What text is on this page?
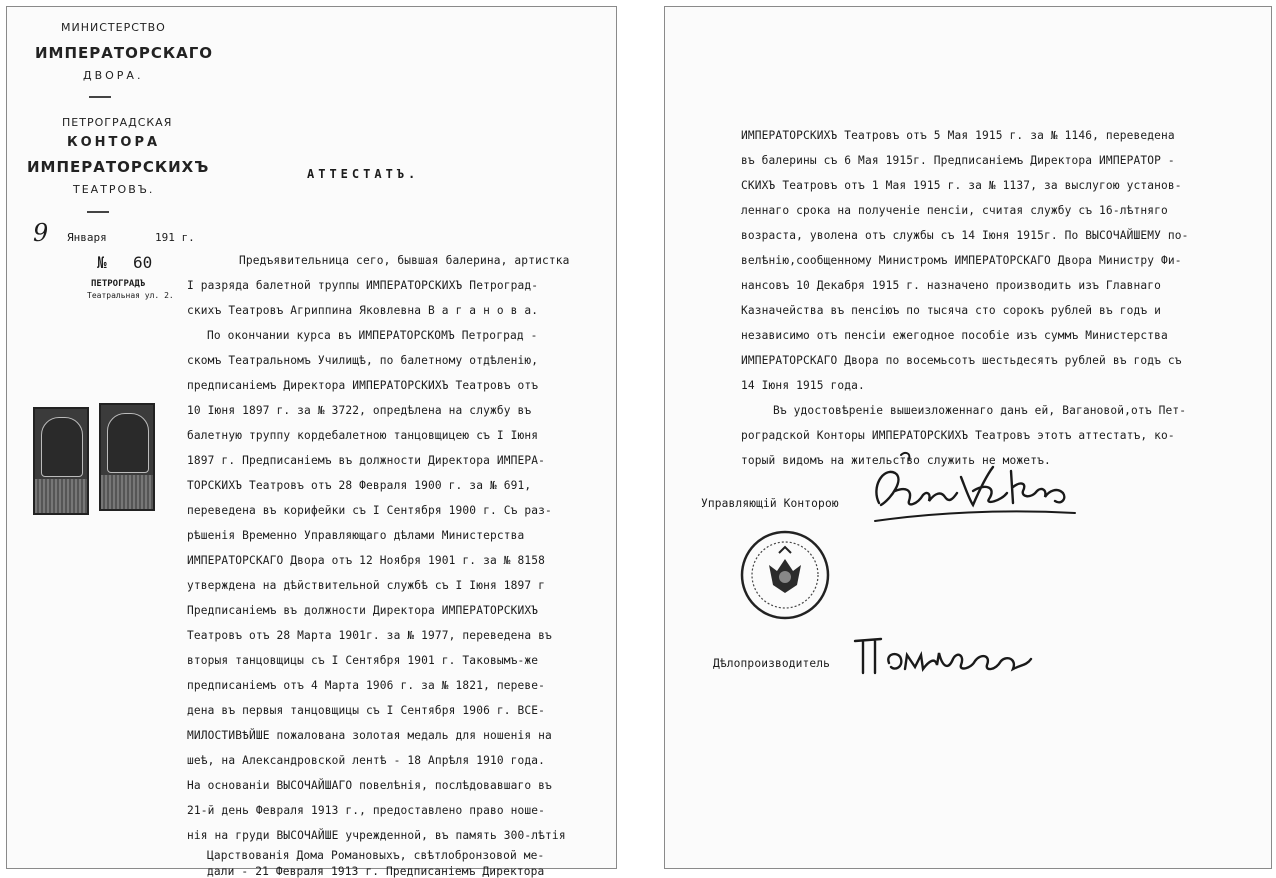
МИНИСТЕРСТВО
ИМПЕРАТОРСКАГО
ДВОРА.
ПЕТРОГРАДСКАЯ
КОНТОРА
ИМПЕРАТОРСКИХЪ
ТЕАТРОВЪ.
АТТЕСТАТЪ.
9 Января	191 г.
№ 60
ПЕТРОГРАДЪ
Театральная ул. 2.
Предъявительница сего, бывшая балерина, артистка
I разряда балетной труппы ИМПЕРАТОРСКИХЪ Петроград-
скихъ Театровъ Агриппина Яковлевна В а г а н о в а.
По окончании курса въ ИМПЕРАТОРСКОМЪ Петроград -
скомъ Театральномъ Училищѣ, по балетному отдѣленію,
предписаніемъ Директора ИМПЕРАТОРСКИХЪ Театровъ отъ
10 Іюня 1897 г. за № 3722, опредѣлена на службу въ
балетную труппу кордебалетною танцовщицею съ I Іюня
1897 г. Предписаніемъ въ должности Директора ИМПЕРА-
ТОРСКИХЪ Театровъ отъ 28 Февраля 1900 г. за № 691,
переведена въ корифейки съ I Сентября 1900 г. Съ раз-
рѣшенія Временно Управляющаго дѣлами Министерства
ИМПЕРАТОРСКАГО Двора отъ 12 Ноября 1901 г. за № 8158
утверждена на дѣйствительной службѣ съ I Іюня 1897 г
Предписаніемъ въ должности Директора ИМПЕРАТОРСКИХЪ
Театровъ отъ 28 Марта 1901г. за № 1977, переведена въ
вторыя танцовщицы съ I Сентября 1901 г. Таковымъ-же
предписаніемъ отъ 4 Марта 1906 г. за № 1821, переве-
дена въ первыя танцовщицы съ I Сентября 1906 г. ВСЕ-
МИЛОСТИВѢЙШЕ пожалована золотая медаль для ношенія на
шеѣ, на Александровской лентѣ - 18 Апрѣля 1910 года.
На основаніи ВЫСОЧАЙШАГО повелѣнія, послѣдовавшаго въ
21-й день Февраля 1913 г., предоставлено право ноше-
нія на груди ВЫСОЧАЙШЕ учрежденной, въ память 300-лѣтія
Царствованія Дома Романовыхъ, свѣтлобронзовой ме-
дали - 21 Февраля 1913 г. Предписаніемъ Директора
ИМПЕРАТОРСКИХЪ Театровъ отъ 5 Мая 1915 г. за № 1146, переведена
въ балерины съ 6 Мая 1915г. Предписаніемъ Директора ИМПЕРАТОР -
СКИХЪ Театровъ отъ 1 Мая 1915 г. за № 1137, за выслугою установ-
леннаго срока на полученіе пенсіи, считая службу съ 16-лѣтняго
возраста, уволена отъ службы съ 14 Іюня 1915г. По ВЫСОЧАЙШЕМУ по-
велѣнію,сообщенному Министромъ ИМПЕРАТОРСКАГО Двора Министру Фи-
нансовъ 10 Декабря 1915 г. назначено производить изъ Главнаго
Казначейства въ пенсіюъ по тысяча сто сорокъ рублей въ годъ и
независимо отъ пенсіи ежегодное пособіе изъ суммъ Министерства
ИМПЕРАТОРСКАГО Двора по восемьсотъ шестьдесятъ рублей въ годъ съ
14 Іюня 1915 года.
Въ удостовѣреніе вышеизложеннаго данъ ей, Вагановой,отъ Пет-
роградской Конторы ИМПЕРАТОРСКИХЪ Театровъ этотъ аттестатъ, ко-
торый видомъ на жительство служить не можетъ.
Управляющiй Конторою
Дѣлопроизводитель
